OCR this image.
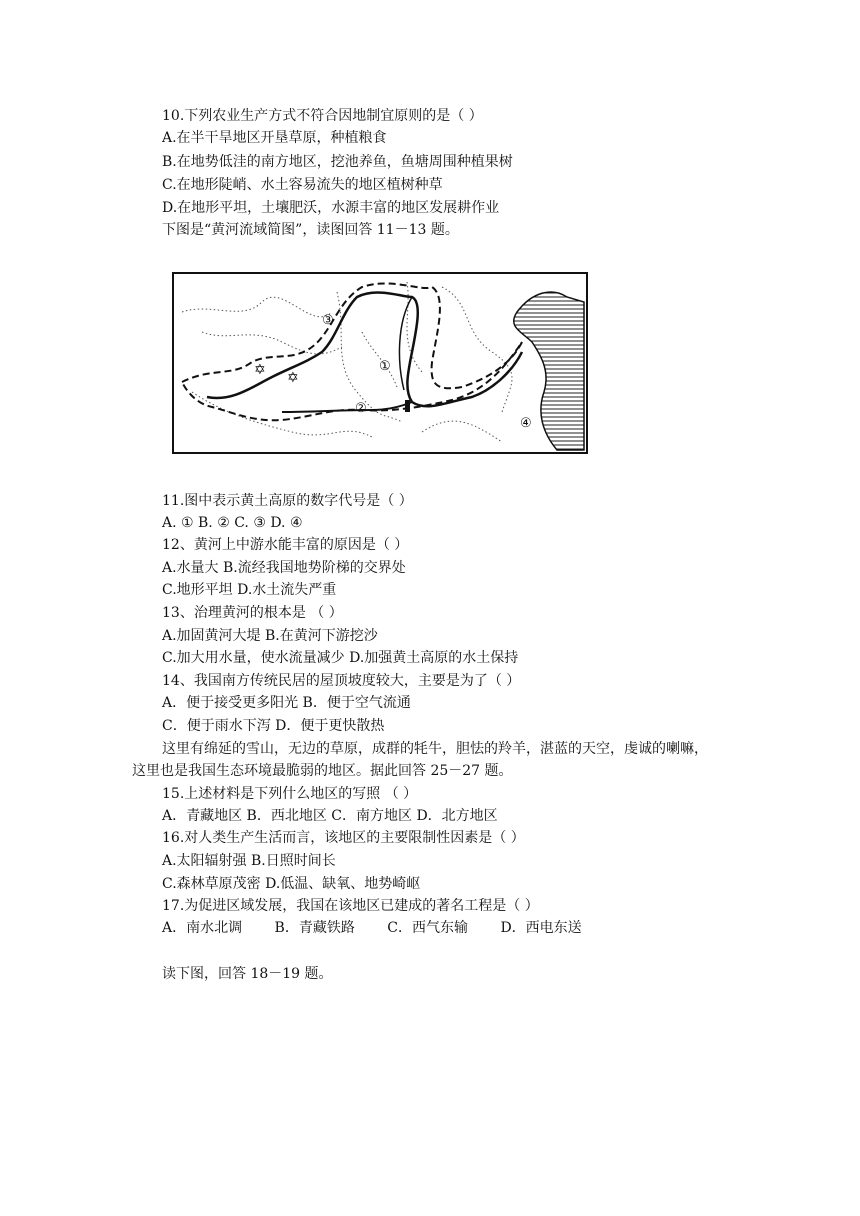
10.下列农业生产方式不符合因地制宜原则的是（ ）
A.在半干旱地区开垦草原，种植粮食
B.在地势低洼的南方地区，挖池养鱼，鱼塘周围种植果树
C.在地形陡峭、水土容易流失的地区植树种草
D.在地形平坦，土壤肥沃，水源丰富的地区发展耕作业
下图是“黄河流域简图”，读图回答 11－13 题。
✡ ✡
③
①
②
④
11.图中表示黄土高原的数字代号是（ ）
A. ① B. ② C. ③ D. ④
12、黄河上中游水能丰富的原因是（ ）
A.水量大 B.流经我国地势阶梯的交界处
C.地形平坦 D.水土流失严重
13、治理黄河的根本是 （ ）
A.加固黄河大堤 B.在黄河下游挖沙
C.加大用水量，使水流量减少 D.加强黄土高原的水土保持
14、我国南方传统民居的屋顶坡度较大，主要是为了（ ）
A．便于接受更多阳光 B．便于空气流通
C．便于雨水下泻 D．便于更快散热
这里有绵延的雪山，无边的草原，成群的牦牛，胆怯的羚羊，湛蓝的天空，虔诚的喇嘛，
这里也是我国生态环境最脆弱的地区。据此回答 25－27 题。
15.上述材料是下列什么地区的写照 （ ）
A．青藏地区 B．西北地区 C．南方地区 D．北方地区
16.对人类生产生活而言，该地区的主要限制性因素是（ ）
A.太阳辐射强 B.日照时间长
C.森林草原茂密 D.低温、缺氧、地势崎岖
17.为促进区域发展，我国在该地区已建成的著名工程是（ ）
A．南水北调　　 B．青藏铁路　　 C．西气东输　　 D．西电东送
读下图，回答 18－19 题。
